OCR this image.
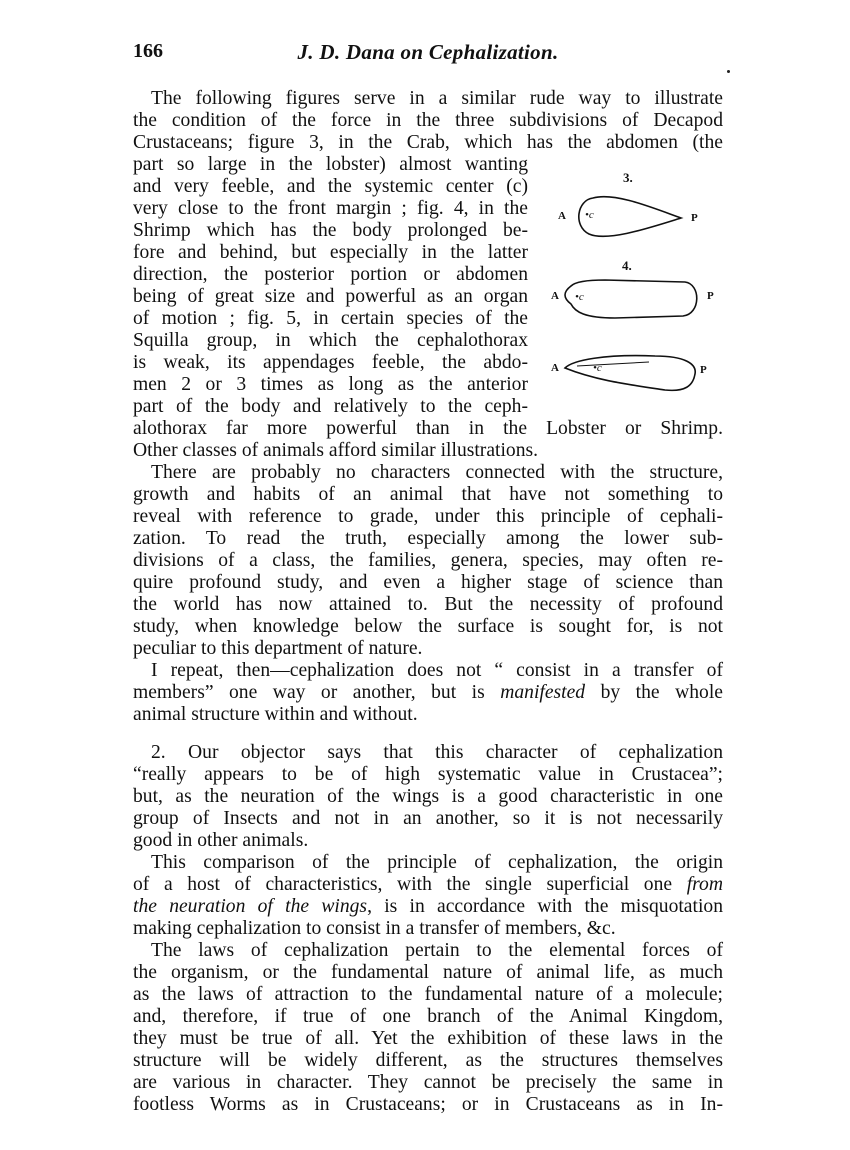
166	J. D. Dana on Cephalization.
The following figures serve in a similar rude way to illustrate
the condition of the force in the three subdivisions of Decapod
Crustaceans; figure 3, in the Crab, which has the abdomen (the
part so large in the lobster) almost wanting
and very feeble, and the systemic center (c)
very close to the front margin ; fig. 4, in the
Shrimp which has the body prolonged be-
fore and behind, but especially in the latter
direction, the posterior portion or abdomen
being of great size and powerful as an organ
of motion ; fig. 5, in certain species of the
Squilla group, in which the cephalothorax
is weak, its appendages feeble, the abdo-
men 2 or 3 times as long as the anterior
part of the body and relatively to the ceph-
alothorax far more powerful than in the Lobster or Shrimp.
Other classes of animals afford similar illustrations.
There are probably no characters connected with the structure,
growth and habits of an animal that have not something to
reveal with reference to grade, under this principle of cephali-
zation. To read the truth, especially among the lower sub-
divisions of a class, the families, genera, species, may often re-
quire profound study, and even a higher stage of science than
the world has now attained to. But the necessity of profound
study, when knowledge below the surface is sought for, is not
peculiar to this department of nature.
I repeat, then—cephalization does not “ consist in a transfer of
members” one way or another, but is manifested by the whole
animal structure within and without.
2. Our objector says that this character of cephalization
“really appears to be of high systematic value in Crustacea”;
but, as the neuration of the wings is a good characteristic in one
group of Insects and not in an another, so it is not necessarily
good in other animals.
This comparison of the principle of cephalization, the origin
of a host of characteristics, with the single superficial one from
the neuration of the wings, is in accordance with the misquotation
making cephalization to consist in a transfer of members, &c.
The laws of cephalization pertain to the elemental forces of
the organism, or the fundamental nature of animal life, as much
as the laws of attraction to the fundamental nature of a molecule;
and, therefore, if true of one branch of the Animal Kingdom,
they must be true of all. Yet the exhibition of these laws in the
structure will be widely different, as the structures themselves
are various in character. They cannot be precisely the same in
footless Worms as in Crustaceans; or in Crustaceans as in In-
3.
A	P
•c
4.
A	P
•c
A	P
•c
